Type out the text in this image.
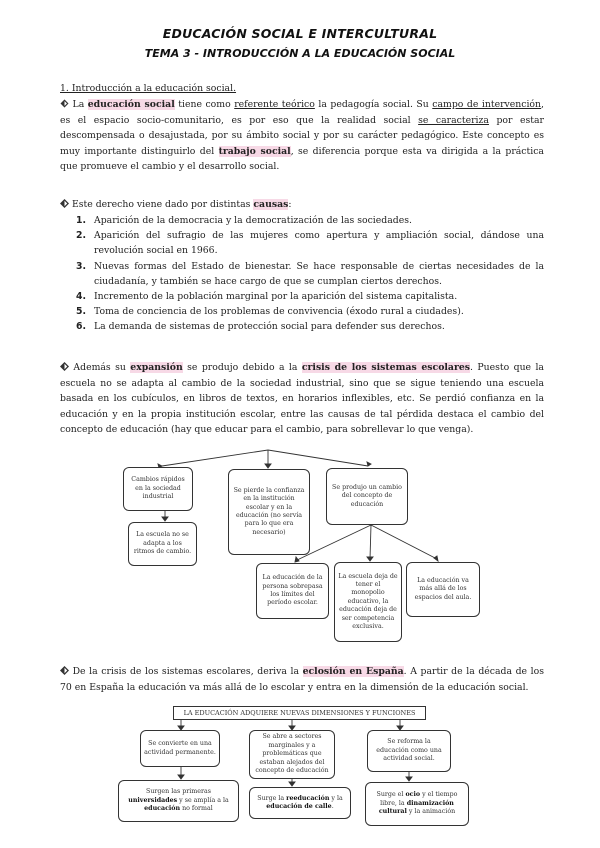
EDUCACIÓN SOCIAL E INTERCULTURAL
TEMA 3 - INTRODUCCIÓN A LA EDUCACIÓN SOCIAL
1. Introducción a la educación social.
La educación social tiene como referente teórico la pedagogía social. Su campo de intervención, es el espacio socio-comunitario, es por eso que la realidad social se caracteriza por estar descompensada o desajustada, por su ámbito social y por su carácter pedagógico. Este concepto es muy importante distinguirlo del trabajo social, se diferencia porque esta va dirigida a la práctica que promueve el cambio y el desarrollo social.
Este derecho viene dado por distintas causas:
1. Aparición de la democracia y la democratización de las sociedades.
2. Aparición del sufragio de las mujeres como apertura y ampliación social, dándose una revolución social en 1966.
3. Nuevas formas del Estado de bienestar. Se hace responsable de ciertas necesidades de la ciudadanía, y también se hace cargo de que se cumplan ciertos derechos.
4. Incremento de la población marginal por la aparición del sistema capitalista.
5. Toma de conciencia de los problemas de convivencia (éxodo rural a ciudades).
6. La demanda de sistemas de protección social para defender sus derechos.
Además su expansión se produjo debido a la crisis de los sistemas escolares. Puesto que la escuela no se adapta al cambio de la sociedad industrial, sino que se sigue teniendo una escuela basada en los cubículos, en libros de textos, en horarios inflexibles, etc. Se perdió confianza en la educación y en la propia institución escolar, entre las causas de tal pérdida destaca el cambio del concepto de educación (hay que educar para el cambio, para sobrellevar lo que venga).
Cambios rápidos en la sociedad industrial
La escuela no se adapta a los ritmos de cambio.
Se pierde la confianza en la institución escolar y en la educación (no servía para lo que era necesario)
Se produjo un cambio del concepto de educación
La educación de la persona sobrepasa los límites del período escolar.
La escuela deja de tener el monopolio educativo, la educación deja de ser competencia exclusiva.
La educación va más allá de los espacios del aula.
De la crisis de los sistemas escolares, deriva la eclosión en España. A partir de la década de los 70 en España la educación va más allá de lo escolar y entra en la dimensión de la educación social.
LA EDUCACIÓN ADQUIERE NUEVAS DIMENSIONES Y FUNCIONES
Se convierte en una actividad permanente.
Se abre a sectores marginales y a problemáticas que estaban alejados del concepto de educación
Se reforma la educación como una actividad social.
Surgen las primeras universidades y se amplía a la educación no formal
Surge la reeducación y la educación de calle.
Surge el ocio y el tiempo libre, la dinamización cultural y la animación
